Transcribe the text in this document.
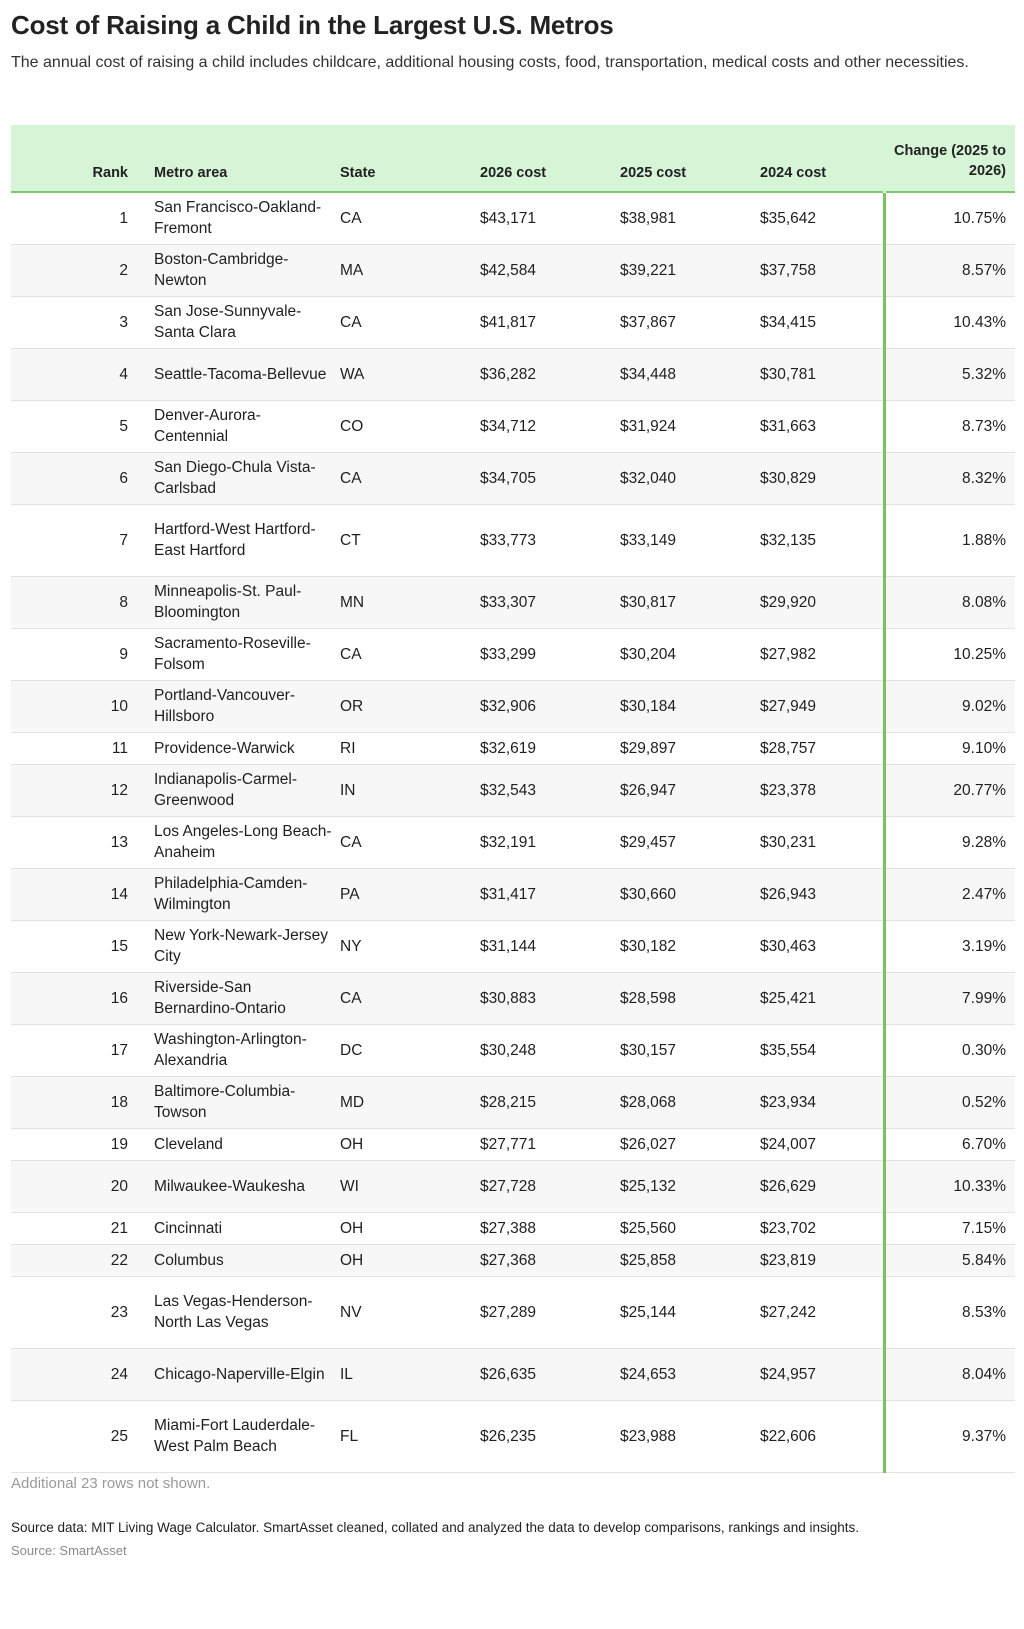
Cost of Raising a Child in the Largest U.S. Metros
The annual cost of raising a child includes childcare, additional housing costs, food, transportation, medical costs and other necessities.
Rank	Metro area	State	2026 cost	2025 cost	2024 cost	Change (2025 to 2026)
1	San Francisco-Oakland-Fremont	CA	$43,171	$38,981	$35,642	10.75%
2	Boston-Cambridge-Newton	MA	$42,584	$39,221	$37,758	8.57%
3	San Jose-Sunnyvale-Santa Clara	CA	$41,817	$37,867	$34,415	10.43%
4	Seattle-Tacoma-Bellevue	WA	$36,282	$34,448	$30,781	5.32%
5	Denver-Aurora-Centennial	CO	$34,712	$31,924	$31,663	8.73%
6	San Diego-Chula Vista-Carlsbad	CA	$34,705	$32,040	$30,829	8.32%
7	Hartford-West Hartford-East Hartford	CT	$33,773	$33,149	$32,135	1.88%
8	Minneapolis-St. Paul-Bloomington	MN	$33,307	$30,817	$29,920	8.08%
9	Sacramento-Roseville-Folsom	CA	$33,299	$30,204	$27,982	10.25%
10	Portland-Vancouver-Hillsboro	OR	$32,906	$30,184	$27,949	9.02%
11	Providence-Warwick	RI	$32,619	$29,897	$28,757	9.10%
12	Indianapolis-Carmel-Greenwood	IN	$32,543	$26,947	$23,378	20.77%
13	Los Angeles-Long Beach-Anaheim	CA	$32,191	$29,457	$30,231	9.28%
14	Philadelphia-Camden-Wilmington	PA	$31,417	$30,660	$26,943	2.47%
15	New York-Newark-Jersey City	NY	$31,144	$30,182	$30,463	3.19%
16	Riverside-San Bernardino-Ontario	CA	$30,883	$28,598	$25,421	7.99%
17	Washington-Arlington-Alexandria	DC	$30,248	$30,157	$35,554	0.30%
18	Baltimore-Columbia-Towson	MD	$28,215	$28,068	$23,934	0.52%
19	Cleveland	OH	$27,771	$26,027	$24,007	6.70%
20	Milwaukee-Waukesha	WI	$27,728	$25,132	$26,629	10.33%
21	Cincinnati	OH	$27,388	$25,560	$23,702	7.15%
22	Columbus	OH	$27,368	$25,858	$23,819	5.84%
23	Las Vegas-Henderson-North Las Vegas	NV	$27,289	$25,144	$27,242	8.53%
24	Chicago-Naperville-Elgin	IL	$26,635	$24,653	$24,957	8.04%
25	Miami-Fort Lauderdale-West Palm Beach	FL	$26,235	$23,988	$22,606	9.37%
Additional 23 rows not shown.
Source data: MIT Living Wage Calculator. SmartAsset cleaned, collated and analyzed the data to develop comparisons, rankings and insights.
Source: SmartAsset
